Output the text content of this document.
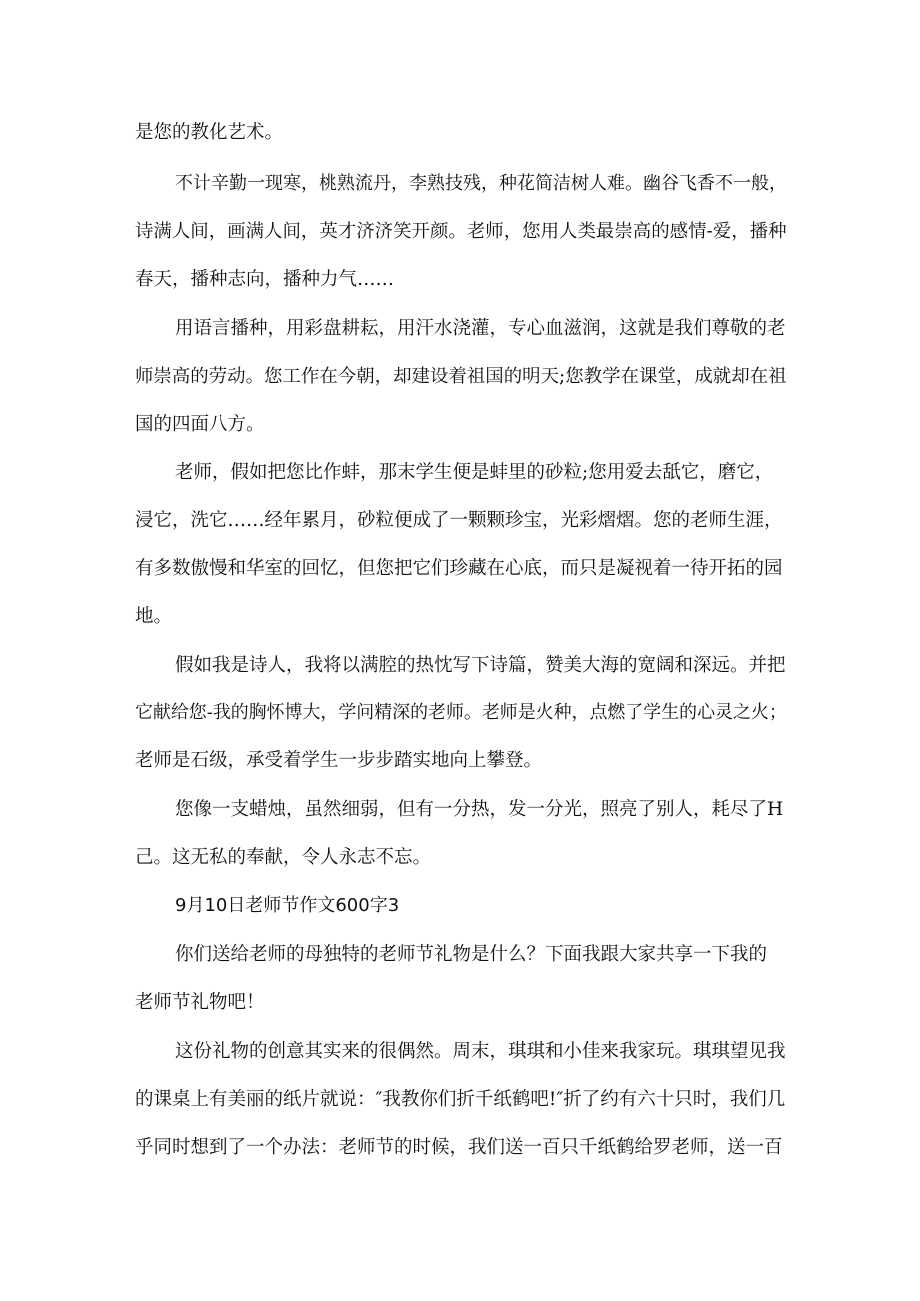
是您的教化艺术。
不计辛勤一现寒，桃熟流丹，李熟技残，种花简洁树人难。幽谷飞香不一般，
诗满人间，画满人间，英才济济笑开颜。老师，您用人类最崇高的感情-爱，播种
春天，播种志向，播种力气……
用语言播种，用彩盘耕耘，用汗水浇灌，专心血滋润，这就是我们尊敬的老
师崇高的劳动。您工作在今朝，却建设着祖国的明天;您教学在课堂，成就却在祖
国的四面八方。
老师，假如把您比作蚌，那末学生便是蚌里的砂粒;您用爱去舐它，磨它，
浸它，洗它……经年累月，砂粒便成了一颗颗珍宝，光彩熠熠。您的老师生涯，
有多数傲慢和华室的回忆，但您把它们珍藏在心底，而只是凝视着一待开拓的园
地。
假如我是诗人，我将以满腔的热忱写下诗篇，赞美大海的宽阔和深远。并把
它献给您-我的胸怀博大，学问精深的老师。老师是火种，点燃了学生的心灵之火；
老师是石级，承受着学生一步步踏实地向上攀登。
您像一支蜡烛，虽然细弱，但有一分热，发一分光，照亮了别人，耗尽了H
己。这无私的奉献，令人永志不忘。
9月10日老师节作文600字3
你们送给老师的母独特的老师节礼物是什么？下面我跟大家共享一下我的
老师节礼物吧！
这份礼物的创意其实来的很偶然。周末，琪琪和小佳来我家玩。琪琪望见我
的课桌上有美丽的纸片就说：″我教你们折千纸鹤吧!″折了约有六十只时，我们几
乎同时想到了一个办法：老师节的时候，我们送一百只千纸鹤给罗老师，送一百
